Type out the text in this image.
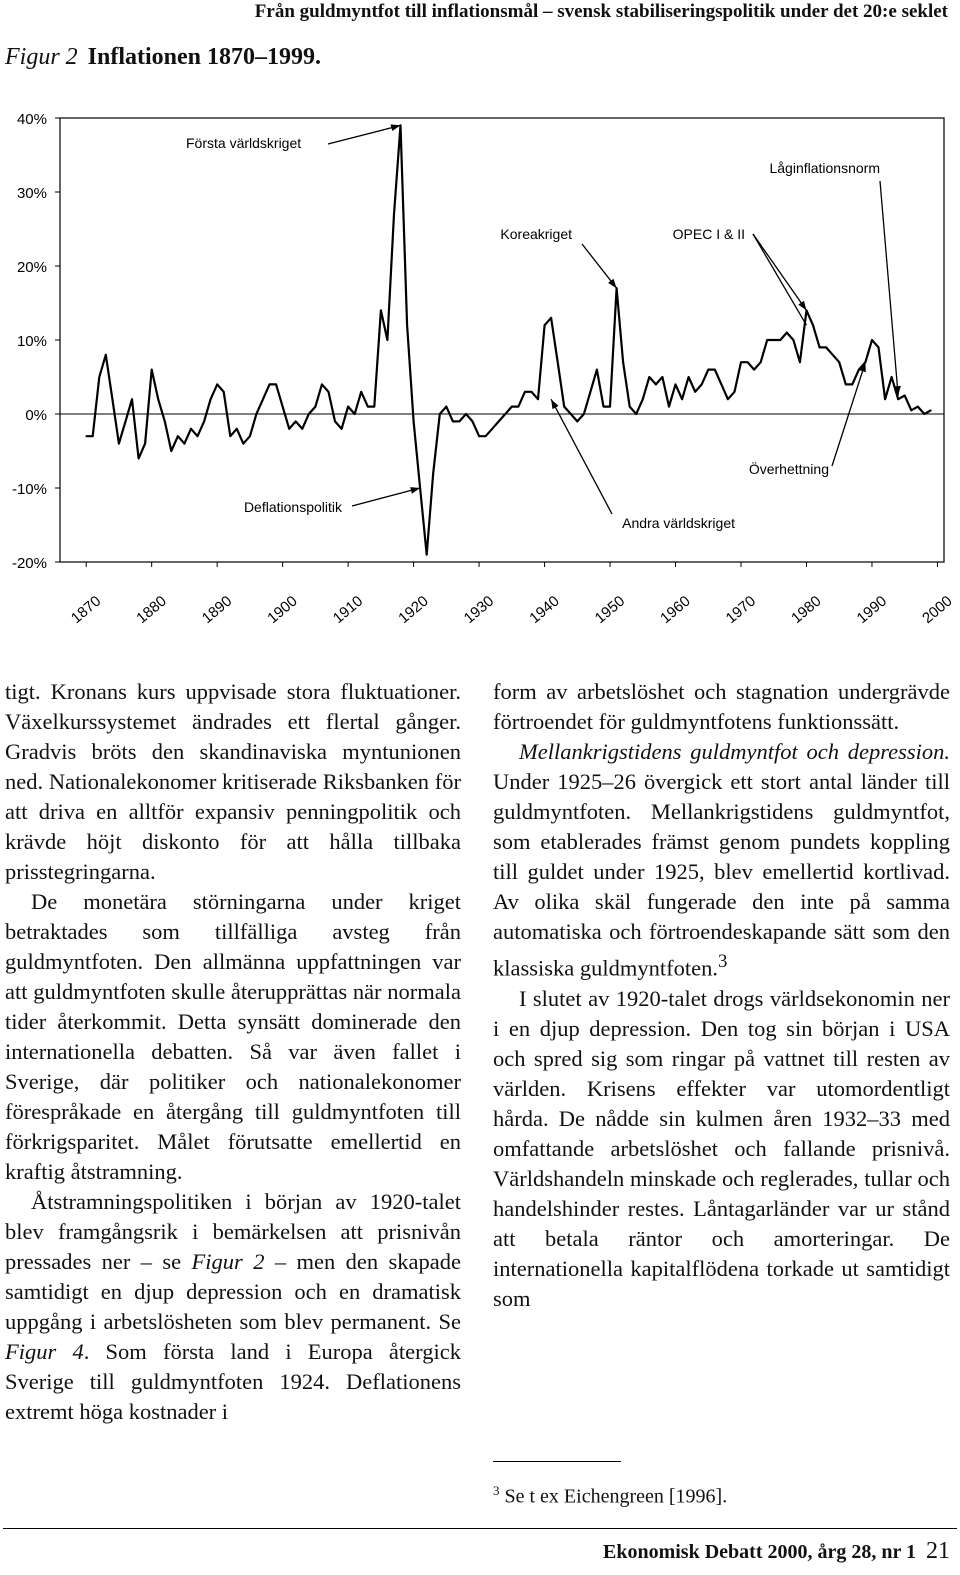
Från guldmyntfot till inflationsmål – svensk stabiliseringspolitik under det 20:e seklet
Figur 2 Inflationen 1870–1999.
40%
30%
20%
10%
0%
-10%
-20%
1870 1880 1890 1900 1910 1920 1930 1940 1950 1960 1970 1980 1990 2000
Första världskriget
Låginflationsnorm
Koreakriget	OPEC I & II
Överhettning
Deflationspolitik
Andra världskriget

tigt. Kronans kurs uppvisade stora fluktuationer. Växelkurssystemet ändrades ett flertal gånger. Gradvis bröts den skandinaviska myntunionen ned. Nationalekonomer kritiserade Riksbanken för att driva en alltför expansiv penningpolitik och krävde höjt diskonto för att hålla tillbaka prisstegringarna.

De monetära störningarna under kriget betraktades som tillfälliga avsteg från guldmyntfoten. Den allmänna uppfattningen var att guldmyntfoten skulle återupprättas när normala tider återkommit. Detta synsätt dominerade den internationella debatten. Så var även fallet i Sverige, där politiker och nationalekonomer förespråkade en återgång till guldmyntfoten till förkrigsparitet. Målet förutsatte emellertid en kraftig åtstramning.

Åtstramningspolitiken i början av 1920-talet blev framgångsrik i bemärkelsen att prisnivån pressades ner – se Figur 2 – men den skapade samtidigt en djup depression och en dramatisk uppgång i arbetslösheten som blev permanent. Se Figur 4. Som första land i Europa återgick Sverige till guldmyntfoten 1924. Deflationens extremt höga kostnader i

form av arbetslöshet och stagnation undergrävde förtroendet för guldmyntfotens funktionssätt.

Mellankrigstidens guldmyntfot och depression. Under 1925–26 övergick ett stort antal länder till guldmyntfoten. Mellankrigstidens guldmyntfot, som etablerades främst genom pundets koppling till guldet under 1925, blev emellertid kortlivad. Av olika skäl fungerade den inte på samma automatiska och förtroendeskapande sätt som den klassiska guldmyntfoten.$^3$

I slutet av 1920-talet drogs världsekonomin ner i en djup depression. Den tog sin början i USA och spred sig som ringar på vattnet till resten av världen. Krisens effekter var utomordentligt hårda. De nådde sin kulmen åren 1932–33 med omfattande arbetslöshet och fallande prisnivå. Världshandeln minskade och reglerades, tullar och handelshinder restes. Låntagarländer var ur stånd att betala räntor och amorteringar. De internationella kapitalflödena torkade ut samtidigt som

$^3$ Se t ex Eichengreen [1996].
Ekonomisk Debatt 2000, årg 28, nr 1 21
